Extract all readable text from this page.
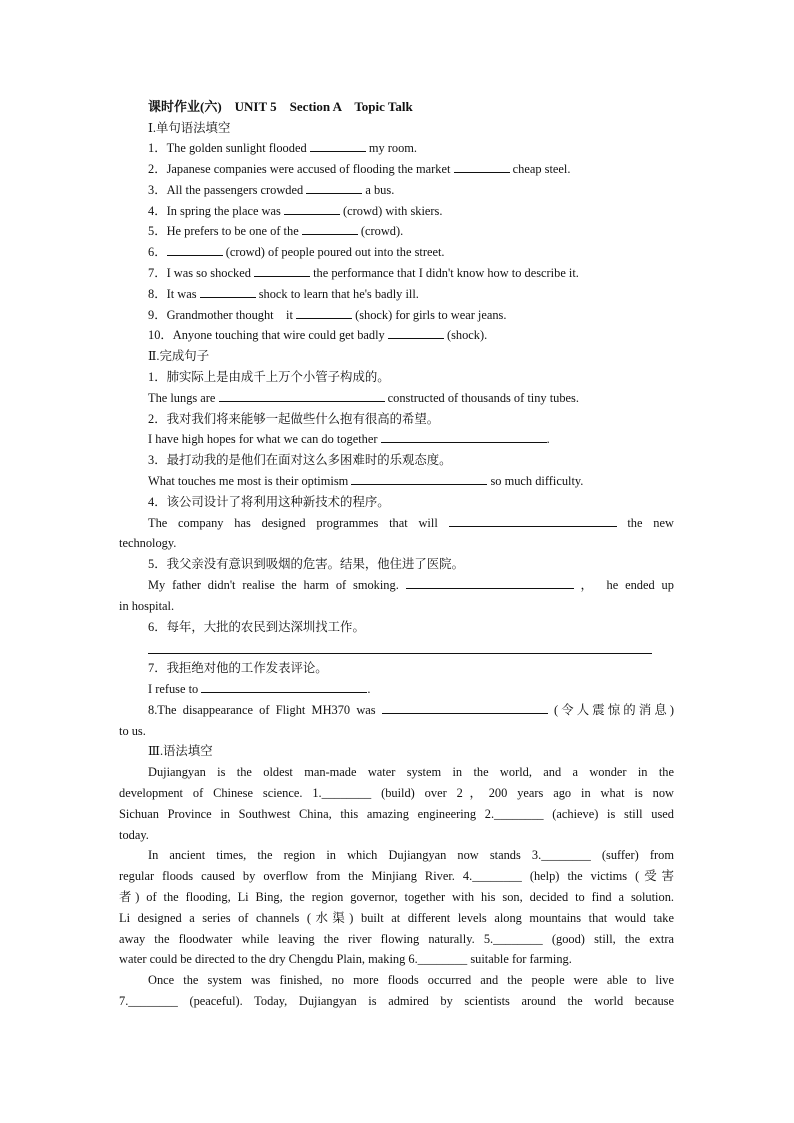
课时作业(六)　UNIT 5　Section A　Topic Talk
Ⅰ.单句语法填空
1．The golden sunlight flooded	my room.
2．Japanese companies were accused of flooding the market	cheap steel.
3．All the passengers crowded	a bus.
4．In spring the place was	(crowd) with skiers.
5．He prefers to be one of the	(crowd).
6．	(crowd) of people poured out into the street.
7．I was so shocked	the performance that I didn't know how to describe it.
8．It was	shock to learn that he's badly ill.
9．Grandmother thought　it	(shock) for girls to wear jeans.
10．Anyone touching that wire could get badly	(shock).
Ⅱ.完成句子
1．肺实际上是由成千上万个小管子构成的。
The lungs are	constructed of thousands of tiny tubes.
2．我对我们将来能够一起做些什么抱有很高的希望。
I have high hopes for what we can do together	.
3．最打动我的是他们在面对这么多困难时的乐观态度。
What touches me most is their optimism	so much difficulty.
4．该公司设计了将利用这种新技术的程序。
The company has designed programmes that will	the new
technology.
5．我父亲没有意识到吸烟的危害。结果，他住进了医院。
My father didn't realise the harm of smoking.	，　he ended up
in hospital.
6．每年，大批的农民到达深圳找工作。
7．我拒绝对他的工作发表评论。
I refuse to	.
8.The disappearance of Flight MH370 was	(令人震惊的消息)
to us.
Ⅲ.语法填空
Dujiangyan is the oldest man-made water system in the world, and a wonder in the
development of Chinese science. 1.________ (build) over 2，200 years ago in what is now
Sichuan Province in Southwest China, this amazing engineering 2.________ (achieve) is still used
today.
In ancient times, the region in which Dujiangyan now stands 3.________ (suffer) from
regular floods caused by overflow from the Minjiang River. 4.________ (help) the victims (受害
者) of the flooding, Li Bing, the region governor, together with his son, decided to find a solution.
Li designed a series of channels (水渠) built at different levels along mountains that would take
away the floodwater while leaving the river flowing naturally. 5.________ (good) still, the extra
water could be directed to the dry Chengdu Plain, making 6.________ suitable for farming.
Once the system was finished, no more floods occurred and the people were able to live
7.________ (peaceful). Today, Dujiangyan is admired by scientists around the world because
